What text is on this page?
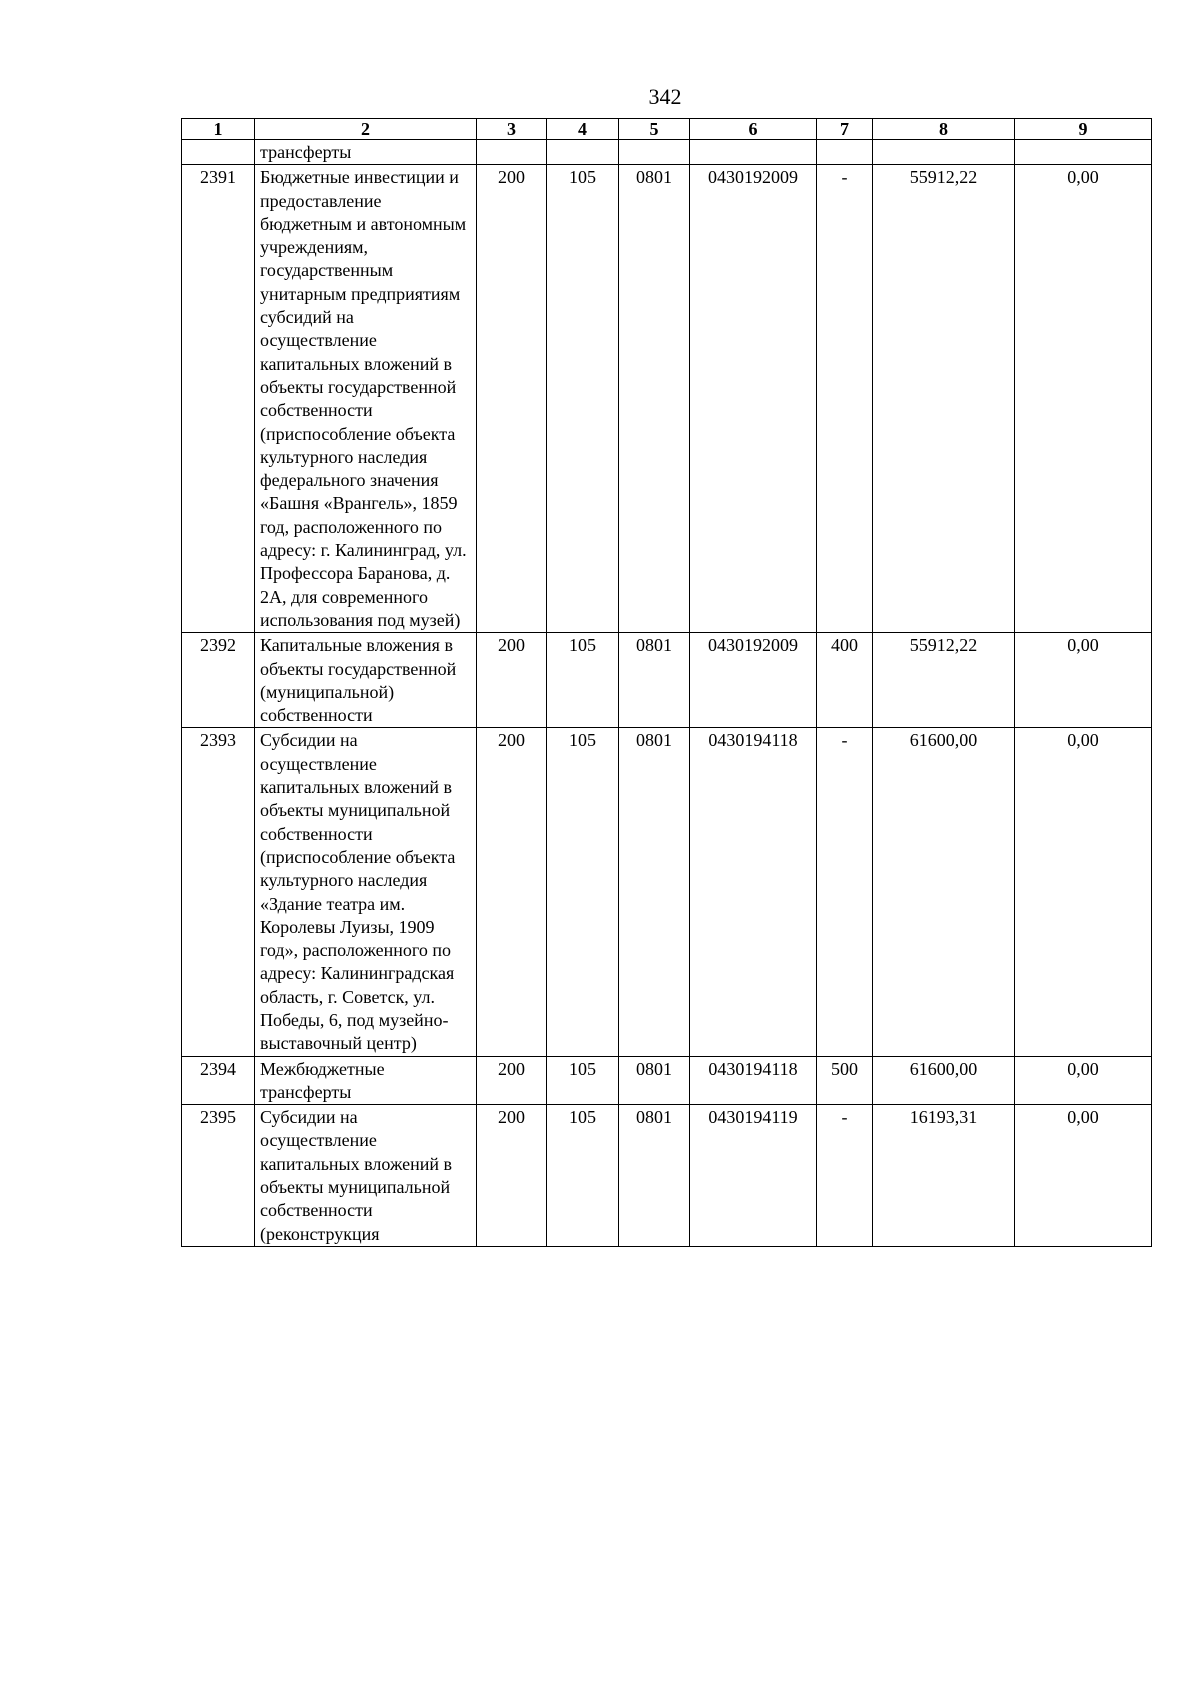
342
1	2	3	4	5	6	7	8	9
	трансферты							
2391	Бюджетные инвестиции и предоставление бюджетным и автономным учреждениям, государственным унитарным предприятиям субсидий на осуществление капитальных вложений в объекты государственной собственности (приспособление объекта культурного наследия федерального значения «Башня «Врангель», 1859 год, расположенного по адресу: г. Калининград, ул. Профессора Баранова, д. 2А, для современного использования под музей)	200	105	0801	0430192009	-	55912,22	0,00
2392	Капитальные вложения в объекты государственной (муниципальной) собственности	200	105	0801	0430192009	400	55912,22	0,00
2393	Субсидии на осуществление капитальных вложений в объекты муниципальной собственности (приспособление объекта культурного наследия «Здание театра им. Королевы Луизы, 1909 год», расположенного по адресу: Калининградская область, г. Советск, ул. Победы, 6, под музейно-выставочный центр)	200	105	0801	0430194118	-	61600,00	0,00
2394	Межбюджетные трансферты	200	105	0801	0430194118	500	61600,00	0,00
2395	Субсидии на осуществление капитальных вложений в объекты муниципальной собственности (реконструкция	200	105	0801	0430194119	-	16193,31	0,00
